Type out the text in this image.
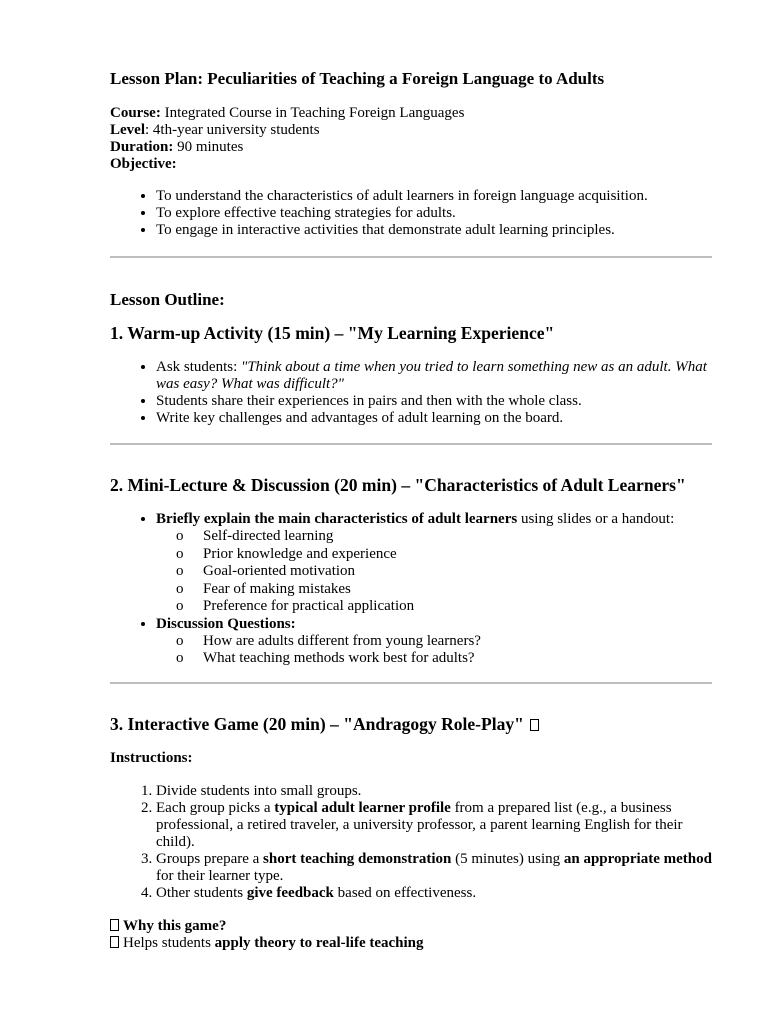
Lesson Plan: Peculiarities of Teaching a Foreign Language to Adults
Course: Integrated Course in Teaching Foreign Languages
Level: 4th-year university students
Duration: 90 minutes
Objective:
• To understand the characteristics of adult learners in foreign language acquisition.
• To explore effective teaching strategies for adults.
• To engage in interactive activities that demonstrate adult learning principles.
Lesson Outline:
1. Warm-up Activity (15 min) – "My Learning Experience"
• Ask students: "Think about a time when you tried to learn something new as an adult. What was easy? What was difficult?"
• Students share their experiences in pairs and then with the whole class.
• Write key challenges and advantages of adult learning on the board.
2. Mini-Lecture & Discussion (20 min) – "Characteristics of Adult Learners"
• Briefly explain the main characteristics of adult learners using slides or a handout:
o Self-directed learning
o Prior knowledge and experience
o Goal-oriented motivation
o Fear of making mistakes
o Preference for practical application
• Discussion Questions:
o How are adults different from young learners?
o What teaching methods work best for adults?
3. Interactive Game (20 min) – "Andragogy Role-Play"

Instructions:

1. Divide students into small groups.
2. Each group picks a typical adult learner profile from a prepared list (e.g., a business professional, a retired traveler, a university professor, a parent learning English for their child).
3. Groups prepare a short teaching demonstration (5 minutes) using an appropriate method for their learner type.
4. Other students give feedback based on effectiveness.

Why this game?

Helps students apply theory to real-life teaching
